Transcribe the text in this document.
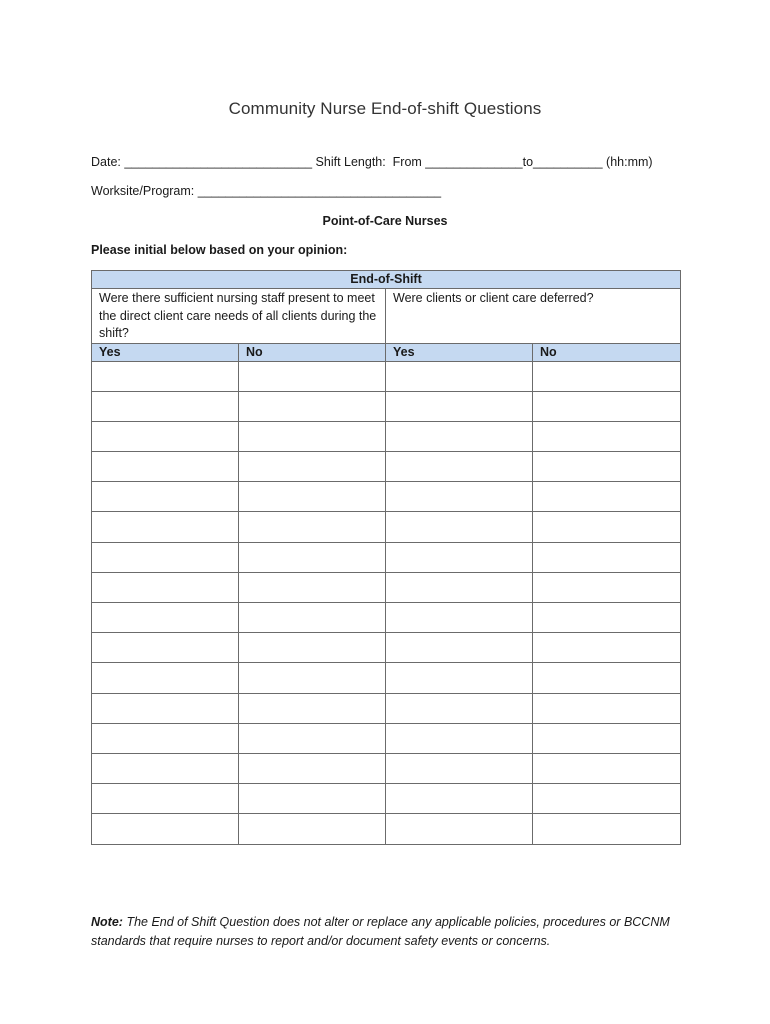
Community Nurse End-of-shift Questions
Date: ___________________________ Shift Length:  From ______________to__________ (hh:mm)
Worksite/Program: ___________________________________
Point-of-Care Nurses
Please initial below based on your opinion:
End-of-Shift			
Were there sufficient nursing staff present to meet the direct client care needs of all clients during the shift?		Were clients or client care deferred?	
Yes	No	Yes	No

Note: The End of Shift Question does not alter or replace any applicable policies, procedures or BCCNM standards that require nurses to report and/or document safety events or concerns.
